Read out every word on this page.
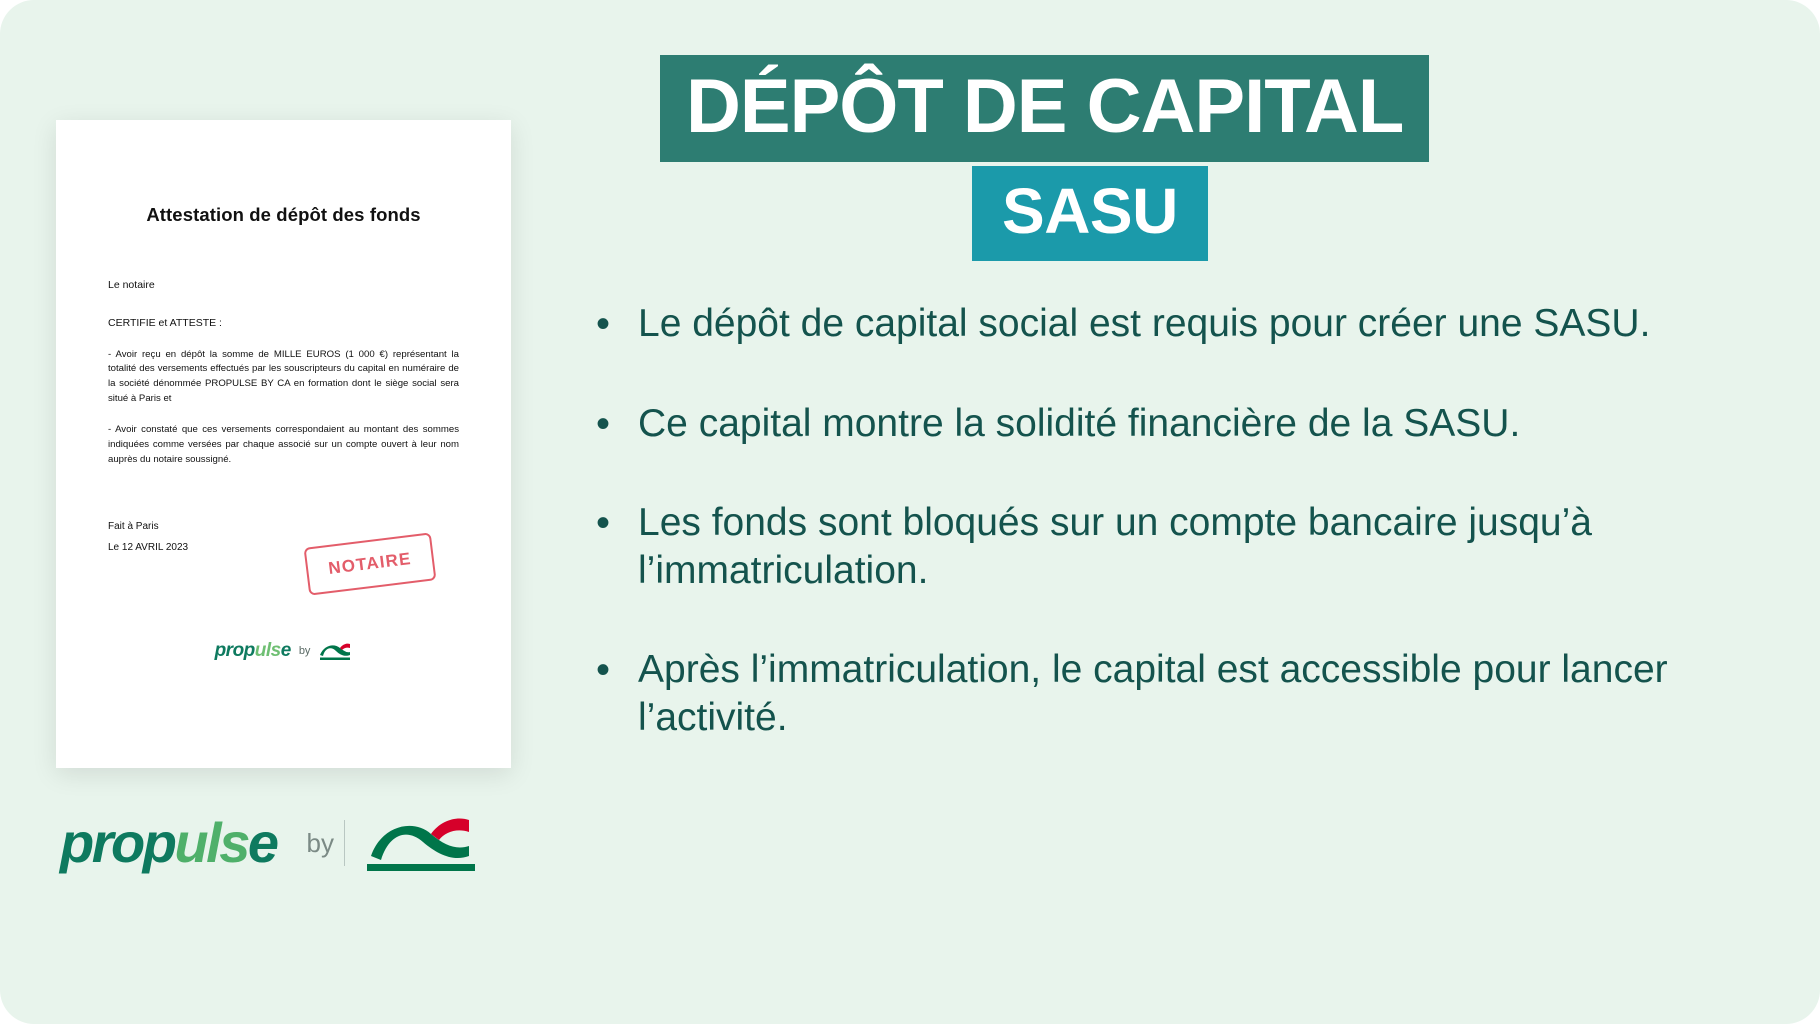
Attestation de dépôt des fonds
Le notaire
CERTIFIE et ATTESTE :
- Avoir reçu en dépôt la somme de MILLE EUROS (1 000 €) représentant la totalité des versements effectués par les souscripteurs du capital en numéraire de la société dénommée PROPULSE BY CA en formation dont le siège social sera situé à Paris et
- Avoir constaté que ces versements correspondaient au montant des sommes indiquées comme versées par chaque associé sur un compte ouvert à leur nom auprès du notaire soussigné.
Fait à Paris
Le 12 AVRIL 2023
NOTAIRE
propulse by
propulse	by
DÉPÔT DE CAPITAL
SASU
• Le dépôt de capital social est requis pour créer une SASU.
• Ce capital montre la solidité financière de la SASU.
• Les fonds sont bloqués sur un compte bancaire jusqu’à l’immatriculation.
• Après l’immatriculation, le capital est accessible pour lancer l’activité.
